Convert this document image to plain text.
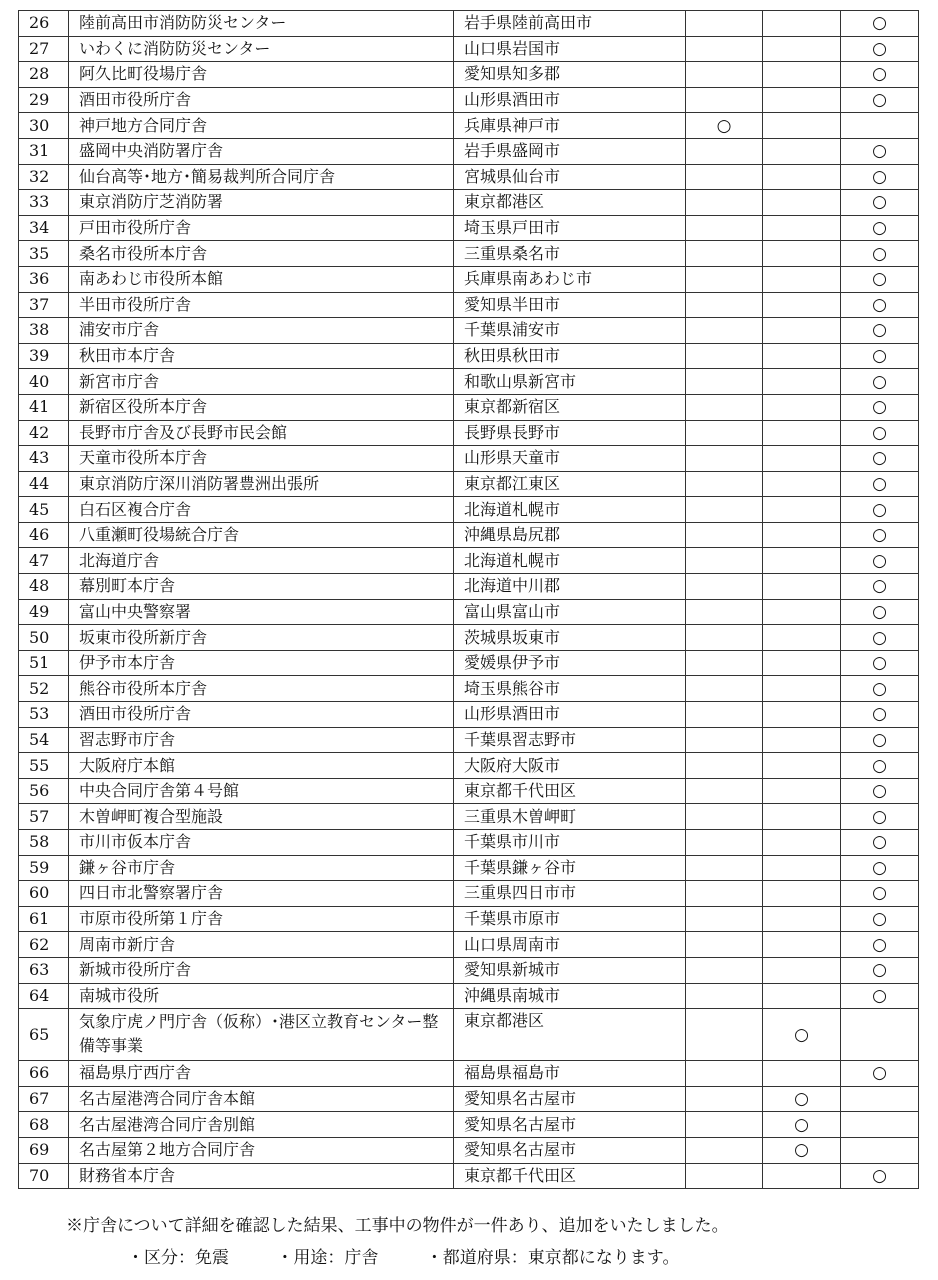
26	陸前高田市消防防災センター	岩手県陸前高田市			○
27	いわくに消防防災センター	山口県岩国市			○
28	阿久比町役場庁舎	愛知県知多郡			○
29	酒田市役所庁舎	山形県酒田市			○
30	神戸地方合同庁舎	兵庫県神戸市	○		
31	盛岡中央消防署庁舎	岩手県盛岡市			○
32	仙台高等･地方･簡易裁判所合同庁舎	宮城県仙台市			○
33	東京消防庁芝消防署	東京都港区			○
34	戸田市役所庁舎	埼玉県戸田市			○
35	桑名市役所本庁舎	三重県桑名市			○
36	南あわじ市役所本館	兵庫県南あわじ市			○
37	半田市役所庁舎	愛知県半田市			○
38	浦安市庁舎	千葉県浦安市			○
39	秋田市本庁舎	秋田県秋田市			○
40	新宮市庁舎	和歌山県新宮市			○
41	新宿区役所本庁舎	東京都新宿区			○
42	長野市庁舎及び長野市民会館	長野県長野市			○
43	天童市役所本庁舎	山形県天童市			○
44	東京消防庁深川消防署豊洲出張所	東京都江東区			○
45	白石区複合庁舎	北海道札幌市			○
46	八重瀬町役場統合庁舎	沖縄県島尻郡			○
47	北海道庁舎	北海道札幌市			○
48	幕別町本庁舎	北海道中川郡			○
49	富山中央警察署	富山県富山市			○
50	坂東市役所新庁舎	茨城県坂東市			○
51	伊予市本庁舎	愛媛県伊予市			○
52	熊谷市役所本庁舎	埼玉県熊谷市			○
53	酒田市役所庁舎	山形県酒田市			○
54	習志野市庁舎	千葉県習志野市			○
55	大阪府庁本館	大阪府大阪市			○
56	中央合同庁舎第４号館	東京都千代田区			○
57	木曽岬町複合型施設	三重県木曽岬町			○
58	市川市仮本庁舎	千葉県市川市			○
59	鎌ヶ谷市庁舎	千葉県鎌ヶ谷市			○
60	四日市北警察署庁舎	三重県四日市市			○
61	市原市役所第１庁舎	千葉県市原市			○
62	周南市新庁舎	山口県周南市			○
63	新城市役所庁舎	愛知県新城市			○
64	南城市役所	沖縄県南城市			○
65	気象庁虎ノ門庁舎（仮称）･港区立教育センター整備等事業	東京都港区		○	
66	福島県庁西庁舎	福島県福島市			○
67	名古屋港湾合同庁舎本館	愛知県名古屋市		○	
68	名古屋港湾合同庁舎別館	愛知県名古屋市		○	
69	名古屋第２地方合同庁舎	愛知県名古屋市		○	
70	財務省本庁舎	東京都千代田区			○
※庁舎について詳細を確認した結果、工事中の物件が一件あり、追加をいたしました。
・区分：免震	・用途：庁舎	・都道府県：東京都になります。
